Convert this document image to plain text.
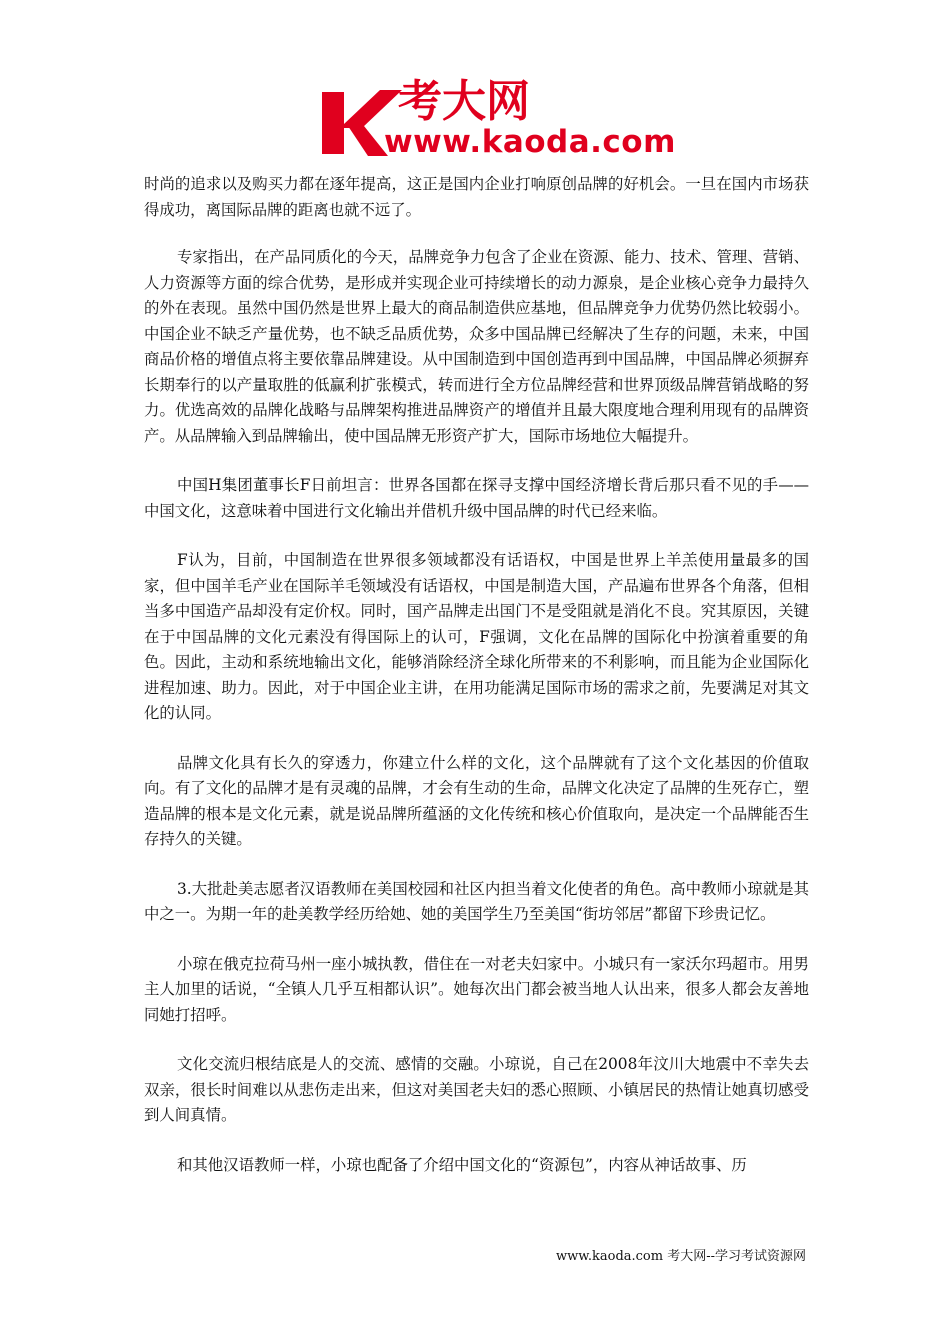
考大网
www.kaoda.com

时尚的追求以及购买力都在逐年提高，这正是国内企业打响原创品牌的好机会。一旦在国内市场获得成功，离国际品牌的距离也就不远了。

专家指出，在产品同质化的今天，品牌竞争力包含了企业在资源、能力、技术、管理、营销、人力资源等方面的综合优势，是形成并实现企业可持续增长的动力源泉，是企业核心竞争力最持久的外在表现。虽然中国仍然是世界上最大的商品制造供应基地，但品牌竞争力优势仍然比较弱小。中国企业不缺乏产量优势，也不缺乏品质优势，众多中国品牌已经解决了生存的问题，未来，中国商品价格的增值点将主要依靠品牌建设。从中国制造到中国创造再到中国品牌，中国品牌必须摒弃长期奉行的以产量取胜的低赢利扩张模式，转而进行全方位品牌经营和世界顶级品牌营销战略的努力。优选高效的品牌化战略与品牌架构推进品牌资产的增值并且最大限度地合理利用现有的品牌资产。从品牌输入到品牌输出，使中国品牌无形资产扩大，国际市场地位大幅提升。

中国H集团董事长F日前坦言：世界各国都在探寻支撑中国经济增长背后那只看不见的手——中国文化，这意味着中国进行文化输出并借机升级中国品牌的时代已经来临。

F认为，目前，中国制造在世界很多领域都没有话语权，中国是世界上羊羔使用量最多的国家，但中国羊毛产业在国际羊毛领域没有话语权，中国是制造大国，产品遍布世界各个角落，但相当多中国造产品却没有定价权。同时，国产品牌走出国门不是受阻就是消化不良。究其原因，关键在于中国品牌的文化元素没有得国际上的认可，F强调，文化在品牌的国际化中扮演着重要的角色。因此，主动和系统地输出文化，能够消除经济全球化所带来的不利影响，而且能为企业国际化进程加速、助力。因此，对于中国企业主讲，在用功能满足国际市场的需求之前，先要满足对其文化的认同。

品牌文化具有长久的穿透力，你建立什么样的文化，这个品牌就有了这个文化基因的价值取向。有了文化的品牌才是有灵魂的品牌，才会有生动的生命，品牌文化决定了品牌的生死存亡，塑造品牌的根本是文化元素，就是说品牌所蕴涵的文化传统和核心价值取向，是决定一个品牌能否生存持久的关键。

3.大批赴美志愿者汉语教师在美国校园和社区内担当着文化使者的角色。高中教师小琼就是其中之一。为期一年的赴美教学经历给她、她的美国学生乃至美国“街坊邻居”都留下珍贵记忆。

小琼在俄克拉荷马州一座小城执教，借住在一对老夫妇家中。小城只有一家沃尔玛超市。用男主人加里的话说，“全镇人几乎互相都认识”。她每次出门都会被当地人认出来，很多人都会友善地同她打招呼。

文化交流归根结底是人的交流、感情的交融。小琼说，自己在2008年汶川大地震中不幸失去双亲，很长时间难以从悲伤走出来，但这对美国老夫妇的悉心照顾、小镇居民的热情让她真切感受到人间真情。

和其他汉语教师一样，小琼也配备了介绍中国文化的“资源包”，内容从神话故事、历

www.kaoda.com 考大网--学习考试资源网
